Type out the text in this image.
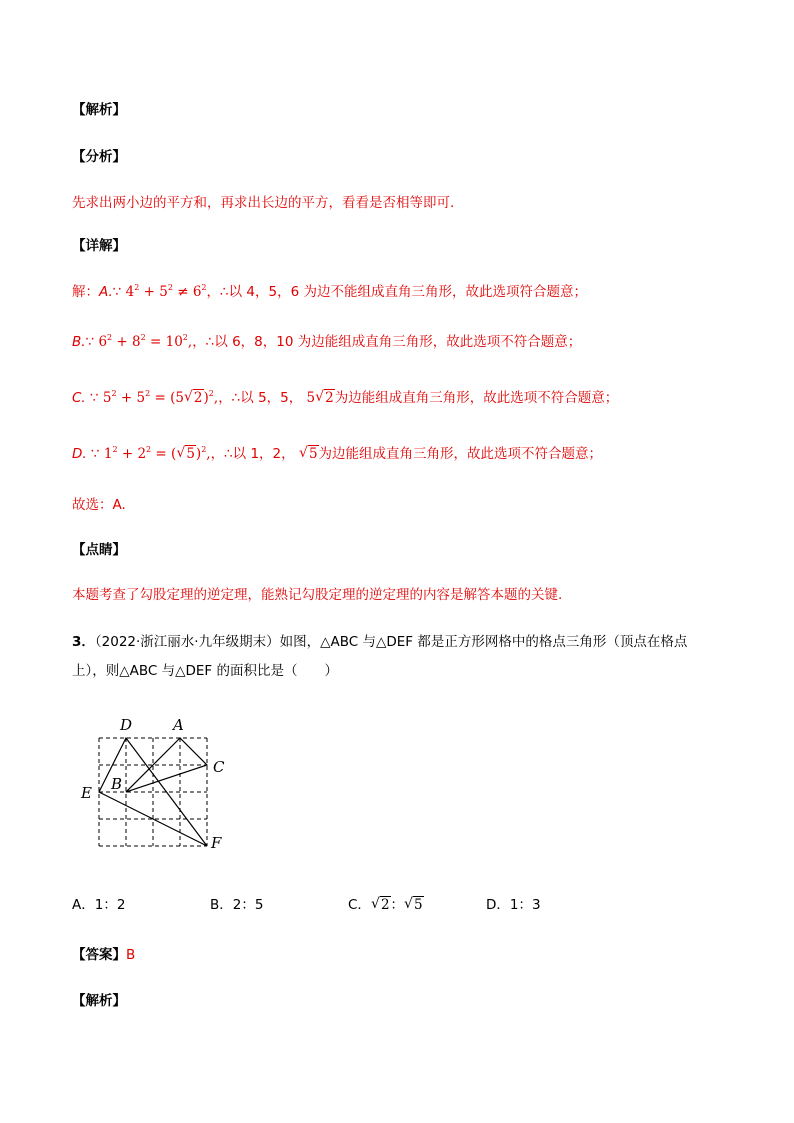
【解析】
【分析】
先求出两小边的平方和，再求出长边的平方，看看是否相等即可.
【详解】
解：A.∵ $4^2 + 5^2 \ne 6^2$，∴以 4，5，6 为边不能组成直角三角形，故此选项符合题意；
B.∵ $6^2 + 8^2 = 10^2$,，∴以 6，8，10 为边能组成直角三角形，故此选项不符合题意；
C. ∵ $5^2 + 5^2 = (5$ √ 2)$^2$,，∴以 5，5， 5 √ 2为边能组成直角三角形，故此选项不符合题意；
D. ∵ $1^2 + 2^2$ = ( √ 5)$^2$,，∴以 1，2， √ 5为边能组成直角三角形，故此选项不符合题意；
故选：A.
【点睛】
本题考查了勾股定理的逆定理，能熟记勾股定理的逆定理的内容是解答本题的关键.
3．（2022·浙江丽水·九年级期末）如图，△ABC 与△DEF 都是正方形网格中的格点三角形（顶点在格点
上），则△ABC 与△DEF 的面积比是（　　）
D	A
C
B
E
F
A．1：2	B．2：5	C． √ 2： √ 5	D．1：3
【答案】B
【解析】
